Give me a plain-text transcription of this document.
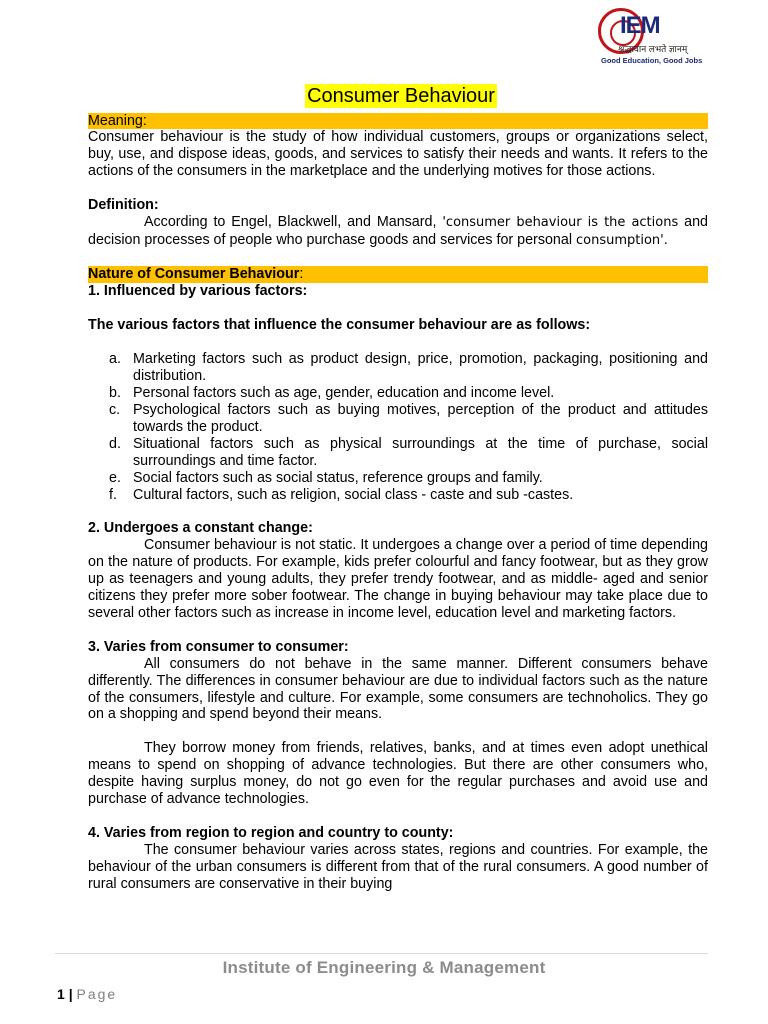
IEM
श्रद्धावान लभते ज्ञानम्
Good Education, Good Jobs
Consumer Behaviour
Meaning:

Consumer behaviour is the study of how individual customers, groups or organizations select, buy, use, and dispose ideas, goods, and services to satisfy their needs and wants. It refers to the actions of the consumers in the marketplace and the underlying motives for those actions.

Definition:

According to Engel, Blackwell, and Mansard, 'consumer behaviour is the actions and decision processes of people who purchase goods and services for personal consumption'.

Nature of Consumer Behaviour:
1. Influenced by various factors:
The various factors that influence the consumer behaviour are as follows:
a. Marketing factors such as product design, price, promotion, packaging, positioning and distribution.
b. Personal factors such as age, gender, education and income level.
c. Psychological factors such as buying motives, perception of the product and attitudes towards the product.
d. Situational factors such as physical surroundings at the time of purchase, social surroundings and time factor.
e. Social factors such as social status, reference groups and family.
f. Cultural factors, such as religion, social class - caste and sub -castes.
2. Undergoes a constant change:

Consumer behaviour is not static. It undergoes a change over a period of time depending on the nature of products. For example, kids prefer colourful and fancy footwear, but as they grow up as teenagers and young adults, they prefer trendy footwear, and as middle- aged and senior citizens they prefer more sober footwear. The change in buying behaviour may take place due to several other factors such as increase in income level, education level and marketing factors.

3. Varies from consumer to consumer:

All consumers do not behave in the same manner. Different consumers behave differently. The differences in consumer behaviour are due to individual factors such as the nature of the consumers, lifestyle and culture. For example, some consumers are technoholics. They go on a shopping and spend beyond their means.

They borrow money from friends, relatives, banks, and at times even adopt unethical means to spend on shopping of advance technologies. But there are other consumers who, despite having surplus money, do not go even for the regular purchases and avoid use and purchase of advance technologies.

4. Varies from region to region and country to county:

The consumer behaviour varies across states, regions and countries. For example, the behaviour of the urban consumers is different from that of the rural consumers. A good number of rural consumers are conservative in their buying

Institute of Engineering & Management
1 | Page
